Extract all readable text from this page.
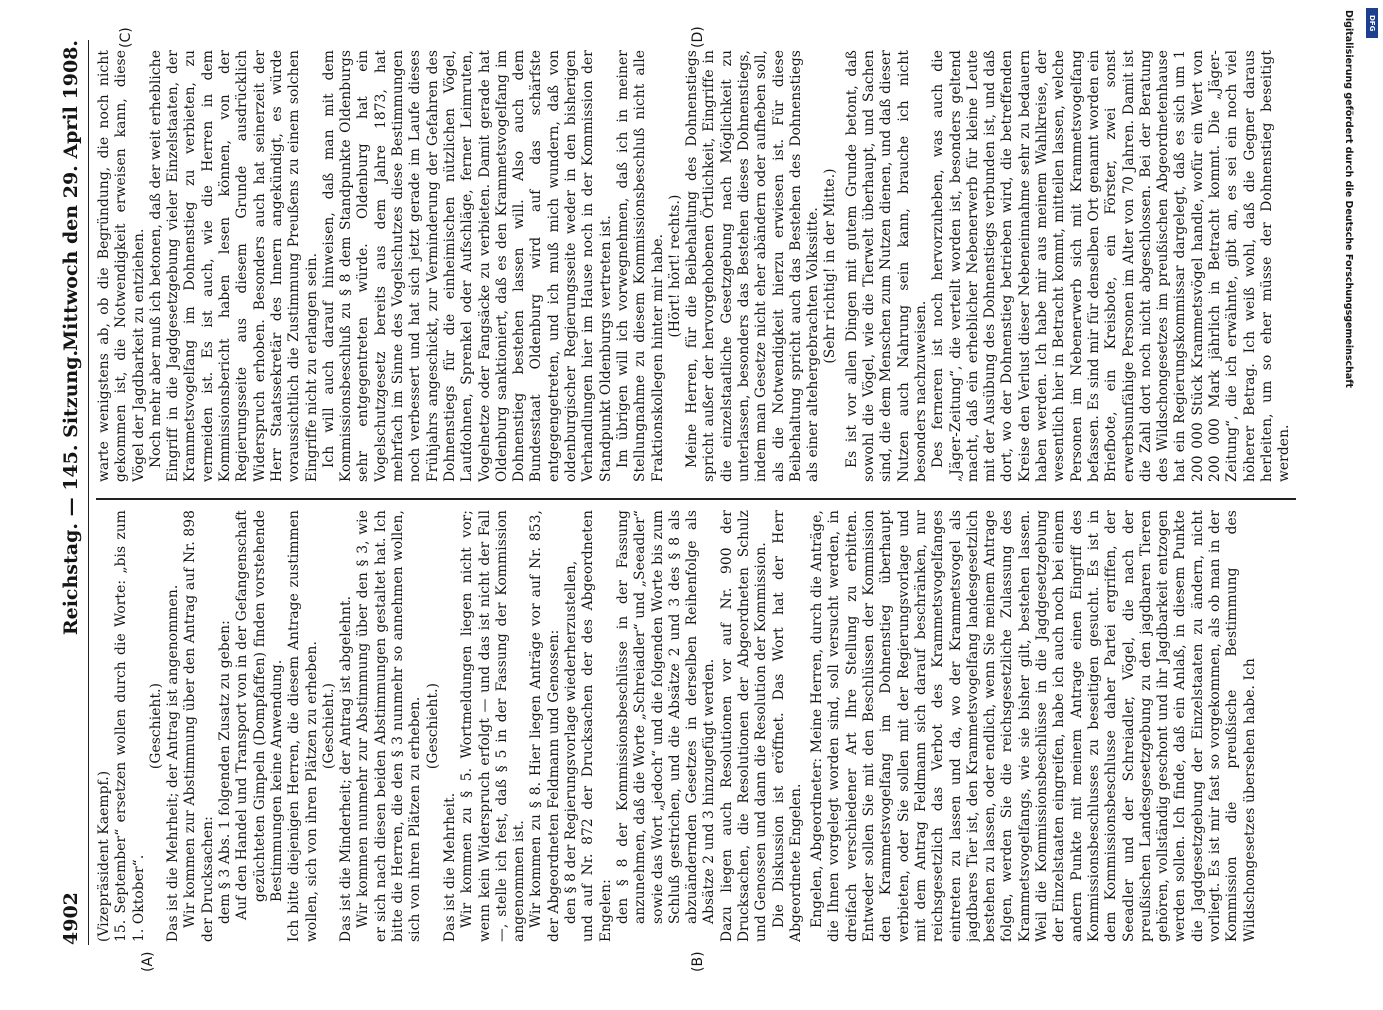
4902
Reichstag. — 145. Sitzung.
Mittwoch den 29. April 1908.

(Vizepräsident Kaempf.) 15. September“ ersetzen wollen durch die Worte: „bis zum 1. Oktober“.

(Geschieht.) Das ist die Mehrheit; der Antrag ist angenommen. Wir kommen zur Abstimmung über den Antrag auf Nr. 898 der Drucksachen: dem § 3 Abs. 1 folgenden Zusatz zu geben: Auf den Handel und Transport von in der Gefangenschaft gezüchteten Gimpeln (Dompfaffen) finden vorstehende Bestimmungen keine Anwendung. Ich bitte diejenigen Herren, die diesem Antrage zustimmen wollen, sich von ihren Plätzen zu erheben. (Geschieht.) Das ist die Minderheit; der Antrag ist abgelehnt. Wir kommen nunmehr zur Abstimmung über den § 3, wie er sich nach diesen beiden Abstimmungen gestaltet hat. Ich bitte die Herren, die den § 3 nunmehr so annehmen wollen, sich von ihren Plätzen zu erheben. (Geschieht.)

Das ist die Mehrheit. Wir kommen zu § 5. Wortmeldungen liegen nicht vor; wenn kein Widerspruch erfolgt — und das ist nicht der Fall —, stelle ich fest, daß § 5 in der Fassung der Kommission angenommen ist. Wir kommen zu § 8. Hier liegen Anträge vor auf Nr. 853, der Abgeordneten Feldmann und Genossen: den § 8 der Regierungsvorlage wiederherzustellen, und auf Nr. 872 der Drucksachen der des Abgeordneten Engelen: den § 8 der Kommissionsbeschlüsse in der Fassung anzunehmen, daß die Worte „Schreiadler“ und „Seeadler“ sowie das Wort „jedoch“ und die folgenden Worte bis zum Schluß gestrichen, und die Absätze 2 und 3 des § 8 als abzuändernden Gesetzes in derselben Reihenfolge als Absätze 2 und 3 hinzugefügt werden. Dazu liegen auch Resolutionen vor auf Nr. 900 der Drucksachen, die Resolutionen der Abgeordneten Schulz und Genossen und dann die Resolution der Kommission. Die Diskussion ist eröffnet. Das Wort hat der Herr Abgeordnete Engelen. Engelen, Abgeordneter: Meine Herren, durch die Anträge, die Ihnen vorgelegt worden sind, soll versucht werden, in dreifach verschiedener Art Ihre Stellung zu erbitten. Entweder sollen Sie mit den Beschlüssen der Kommission den Krammetsvogelfang im Dohnenstieg überhaupt verbieten, oder Sie sollen mit der Regierungsvorlage und mit dem Antrag Feldmann sich darauf beschränken, nur reichsgesetzlich das Verbot des Krammetsvogelfanges eintreten zu lassen und da, wo der Krammetsvogel als jagdbares Tier ist, den Krammetsvogelfang landesgesetzlich bestehen zu lassen, oder endlich, wenn Sie meinem Antrage folgen, werden Sie die reichsgesetzliche Zulassung des Krammetsvogelfangs, wie sie bisher gilt, bestehen lassen. Weil die Kommissionsbeschlüsse in die Jagdgesetzgebung der Einzelstaaten eingreifen, habe ich auch noch bei einem andern Punkte mit meinem Antrage einen Eingriff des Kommissionsbeschlusses zu beseitigen gesucht. Es ist in dem Kommissionsbeschlusse daher Partei ergriffen, der Seeadler und der Schreiadler, Vögel, die nach der preußischen Landesgesetzgebung zu den jagdbaren Tieren gehören, vollständig geschont und ihr Jagdbarkeit entzogen werden sollen. Ich finde, daß ein Anlaß, in diesem Punkte die Jagdgesetzgebung der Einzelstaaten zu ändern, nicht vorliegt. Es ist mir fast so vorgekommen, als ob man in der Kommission die preußische Bestimmung des Wildschongesetzes übersehen habe. Ich

warte wenigstens ab, ob die Begründung, die noch nicht gekommen ist, die Notwendigkeit erweisen kann, diese Vögel der Jagdbarkeit zu entziehen. Noch mehr aber muß ich betonen, daß der weit erhebliche Eingriff in die Jagdgesetzgebung vieler Einzelstaaten, der Krammetsvogelfang im Dohnenstieg zu verbieten, zu vermeiden ist. Es ist auch, wie die Herren in dem Kommissionsbericht haben lesen können, von der Regierungsseite aus diesem Grunde ausdrücklich Widerspruch erhoben. Besonders auch hat seinerzeit der Herr Staatssekretär des Innern angekündigt, es würde voraussichtlich die Zustimmung Preußens zu einem solchen Eingriffe nicht zu erlangen sein. Ich will auch darauf hinweisen, daß man mit dem Kommissionsbeschluß zu § 8 dem Standpunkte Oldenburgs sehr entgegentreten würde. Oldenburg hat ein Vogelschutzgesetz bereits aus dem Jahre 1873, hat mehrfach im Sinne des Vogelschutzes diese Bestimmungen noch verbessert und hat sich jetzt gerade im Laufe dieses Frühjahrs angeschickt, zur Verminderung der Gefahren des Dohnenstiegs für die einheimischen nützlichen Vögel, Laufdohnen, Sprenkel oder Aufschläge, ferner Leimruten, Vogelnetze oder Fangsäcke zu verbieten. Damit gerade hat Oldenburg sanktioniert, daß es den Krammetsvogelfang im Dohnenstieg bestehen lassen will. Also auch dem Bundesstaat Oldenburg wird auf das schärfste entgegengetreten, und ich muß mich wundern, daß von oldenburgischer Regierungsseite weder in den bisherigen Verhandlungen hier im Hause noch in der Kommission der Standpunkt Oldenburgs vertreten ist. Im übrigen will ich vorwegnehmen, daß ich in meiner Stellungnahme zu diesem Kommissionsbeschluß nicht alle Fraktionskollegen hinter mir habe. (Hört! hört! rechts.) Meine Herren, für die Beibehaltung des Dohnenstiegs spricht außer der hervorgehobenen Örtlichkeit, Eingriffe in die einzelstaatliche Gesetzgebung nach Möglichkeit zu unterlassen, besonders das Bestehen dieses Dohnenstiegs, indem man Gesetze nicht eher abändern oder aufheben soll, als die Notwendigkeit hierzu erwiesen ist. Für diese Beibehaltung spricht auch das Bestehen des Dohnenstiegs als einer altehergebrachten Volkssitte. (Sehr richtig! in der Mitte.) Es ist vor allen Dingen mit gutem Grunde betont, daß sowohl die Vögel, wie die Tierwelt überhaupt, und Sachen sind, die dem Menschen zum Nutzen dienen, und daß dieser Nutzen auch Nahrung sein kann, brauche ich nicht besonders nachzuweisen. Des ferneren ist noch hervorzuheben, was auch die „Jäger-Zeitung“, die verteilt worden ist, besonders geltend macht, daß ein erheblicher Nebenerwerb für kleine Leute mit der Ausübung des Dohnenstiegs verbunden ist, und daß dort, wo der Dohnenstieg betrieben wird, die betreffenden Kreise den Verlust dieser Nebeneinnahme sehr zu bedauern haben werden. Ich habe mir aus meinem Wahlkreise, der wesentlich hier in Betracht kommt, mitteilen lassen, welche Personen im Nebenerwerb sich mit Krammetsvogelfang befassen. Es sind mir für denselben Ort genannt worden ein Briefbote, ein Kreisbote, ein Förster, zwei sonst erwerbsunfähige Personen im Alter von 70 Jahren. Damit ist die Zahl dort noch nicht abgeschlossen. Bei der Beratung des Wildschongesetzes im preußischen Abgeordnetenhause hat ein Regierungskommissar dargelegt, daß es sich um 1 200 000 Stück Krammetsvögel handle, wofür ein Wert von 200 000 Mark jährlich in Betracht kommt. Die „Jäger-Zeitung“, die ich erwähnte, gibt an, es sei ein noch viel höherer Betrag. Ich weiß wohl, daß die Gegner daraus herleiten, um so eher müsse der Dohnenstieg beseitigt werden.

(A)	(B)
(C)	(D)	Digitalisierung gefördert durch die Deutsche Forschungsgemeinschaft	DFG
